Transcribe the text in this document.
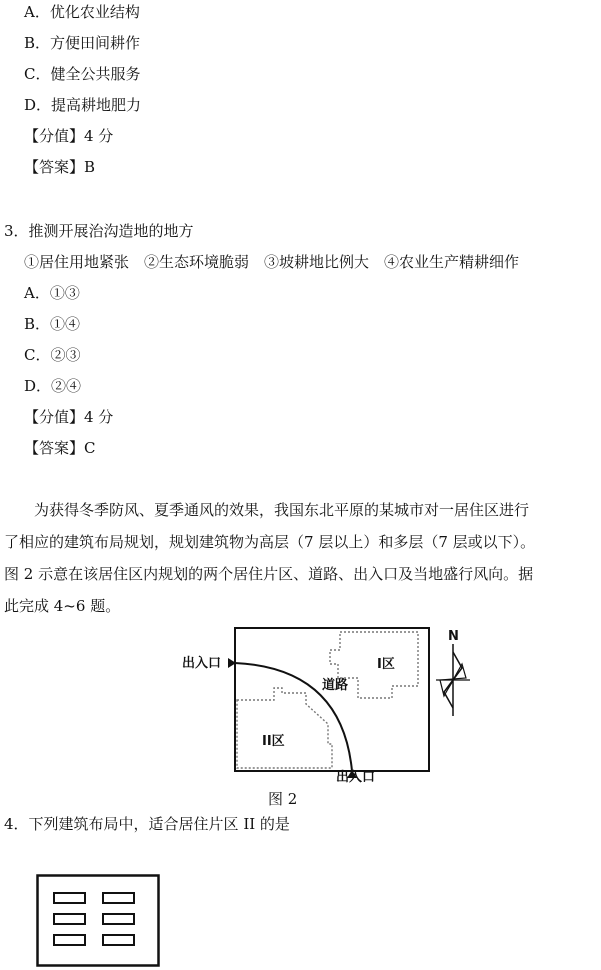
A．优化农业结构
B．方便田间耕作
C．健全公共服务
D．提高耕地肥力
【分值】4 分
【答案】B
3．推测开展治沟造地的地方
①居住用地紧张　②生态环境脆弱　③坡耕地比例大　④农业生产精耕细作
A．①③
B．①④
C．②③
D．②④
【分值】4 分
【答案】C
为获得冬季防风、夏季通风的效果，我国东北平原的某城市对一居住区进行
了相应的建筑布局规划，规划建筑物为高层（7 层以上）和多层（7 层或以下）。
图 2 示意在该居住区内规划的两个居住片区、道路、出入口及当地盛行风向。据
此完成 4~6 题。
出入口
出入口
道路
I区
II区
N
图 2
4．下列建筑布局中，适合居住片区 II 的是
